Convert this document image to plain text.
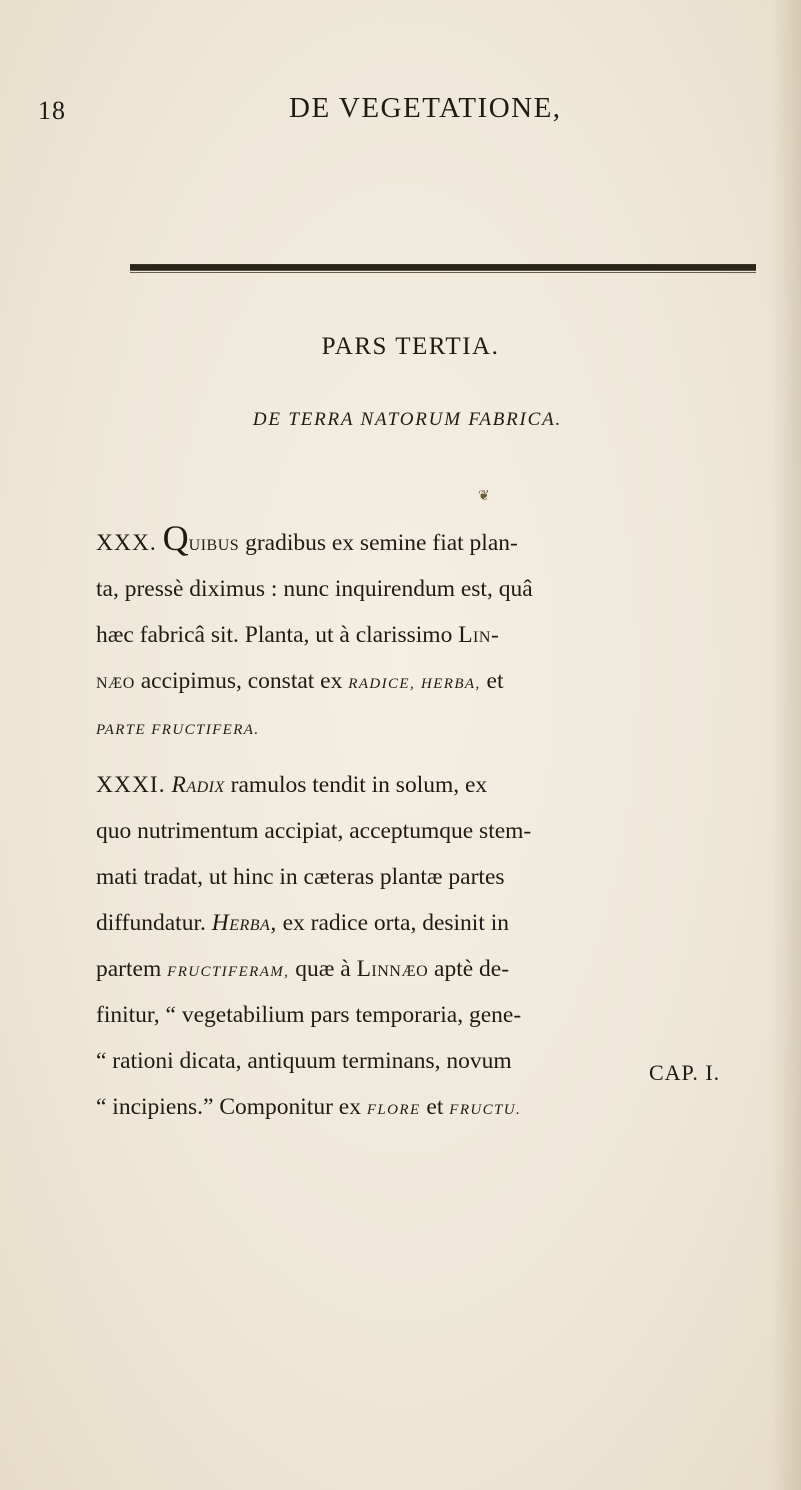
18	DE VEGETATIONE,
PARS TERTIA.
DE TERRA NATORUM FABRICA.
❦
XXX. Quibus gradibus ex semine fiat plan-
ta, pressè diximus : nunc inquirendum est, quâ
hæc fabricâ sit. Planta, ut à clarissimo Lin-
næo accipimus, constat ex RADICE, HERBA, et
PARTE FRUCTIFERA.
XXXI. Radix ramulos tendit in solum, ex
quo nutrimentum accipiat, acceptumque stem-
mati tradat, ut hinc in cæteras plantæ partes
diffundatur. Herba, ex radice orta, desinit in
partem FRUCTIFERAM, quæ à Linnæo aptè de-
finitur, “ vegetabilium pars temporaria, gene-
“ rationi dicata, antiquum terminans, novum
“ incipiens.” Componitur ex FLORE et FRUCTU.
CAP. I.
